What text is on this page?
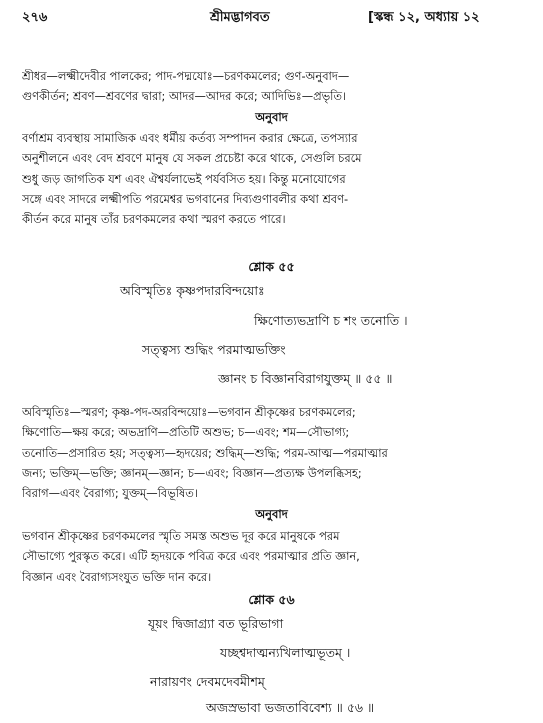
২৭৬	শ্রীমদ্ভাগবত	[স্কন্ধ ১২, অধ্যায় ১২
শ্রীধর—লক্ষ্মীদেবীর পালকের; পাদ-পদ্মযোঃ—চরণকমলের; গুণ-অনুবাদ—
গুণকীর্তন; শ্রবণ—শ্রবণের দ্বারা; আদর—আদর করে; আদিভিঃ—প্রভৃতি।
অনুবাদ
বর্ণাশ্রম ব্যবস্থায় সামাজিক এবং ধর্মীয় কর্তব্য সম্পাদন করার ক্ষেত্রে, তপস্যার
অনুশীলনে এবং বেদ শ্রবণে মানুষ যে সকল প্রচেষ্টা করে থাকে, সেগুলি চরমে
শুধু জড় জাগতিক যশ এবং ঐশ্বর্যলাভেই পর্যবসিত হয়। কিন্তু মনোযোগের
সঙ্গে এবং সাদরে লক্ষ্মীপতি পরমেশ্বর ভগবানের দিব্যগুণাবলীর কথা শ্রবণ-
কীর্তন করে মানুষ তাঁর চরণকমলের কথা স্মরণ করতে পারে।
শ্লোক ৫৫
অবিস্মৃতিঃ কৃষ্ণপদারবিন্দয়োঃ
ক্ষিণোত্যভদ্রাণি চ শং তনোতি ।
সত্ত্বস্য শুদ্ধিং পরমাত্মভক্তিং
জ্ঞানং চ বিজ্ঞানবিরাগযুক্তম্ ॥ ৫৫ ॥
অবিস্মৃতিঃ—স্মরণ; কৃষ্ণ-পদ-অরবিন্দয়োঃ—ভগবান শ্রীকৃষ্ণের চরণকমলের;
ক্ষিণোতি—ক্ষয় করে; অভদ্রাণি—প্রতিটি অশুভ; চ—এবং; শম—সৌভাগ্য;
তনোতি—প্রসারিত হয়; সত্ত্বস্য—হৃদয়ের; শুদ্ধিম্—শুদ্ধি; পরম-আত্ম—পরমাত্মার
জন্য; ভক্তিম্—ভক্তি; জ্ঞানম্—জ্ঞান; চ—এবং; বিজ্ঞান—প্রত্যক্ষ উপলব্ধিসহ;
বিরাগ—এবং বৈরাগ্য; যুক্তম্—বিভূষিত।
অনুবাদ
ভগবান শ্রীকৃষ্ণের চরণকমলের স্মৃতি সমস্ত অশুভ দূর করে মানুষকে পরম
সৌভাগ্যে পুরস্কৃত করে। এটি হৃদয়কে পবিত্র করে এবং পরমাত্মার প্রতি জ্ঞান,
বিজ্ঞান এবং বৈরাগ্যসংযুত ভক্তি দান করে।
শ্লোক ৫৬
যূয়ং দ্বিজাগ্র্যা বত ভূরিভাগা
যচ্ছশ্বদাত্মন্যখিলাত্মভূতম্ ।
নারায়ণং দেবমদেবমীশম্
অজস্রভাবা ভজতাবিবেশ্য ॥ ৫৬ ॥
